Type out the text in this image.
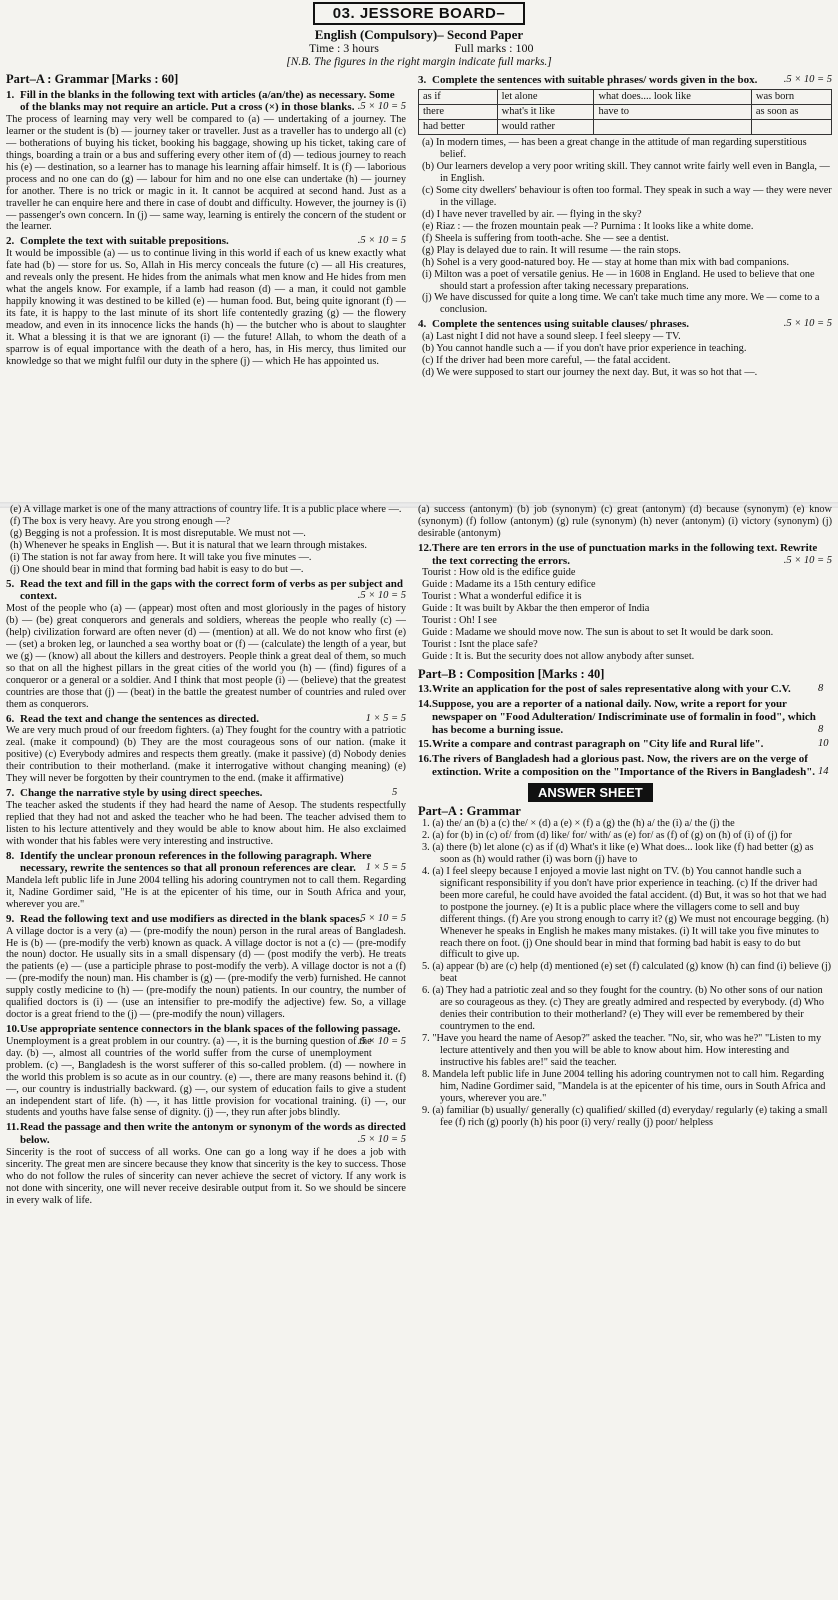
03. JESSORE BOARD–
English (Compulsory)– Second Paper
Time : 3 hours	Full marks : 100
[N.B. The figures in the right margin indicate full marks.]
Part–A : Grammar [Marks : 60]
1. Fill in the blanks in the following text with articles (a/an/the) as necessary. Some of the blanks may not require an article. Put a cross (×) in those blanks. .5 × 10 = 5
The process of learning may very well be compared to (a) — undertaking of a journey. The learner or the student is (b) — journey taker or traveller. Just as a traveller has to undergo all (c) — botherations of buying his ticket, booking his baggage, showing up his ticket, taking care of things, boarding a train or a bus and suffering every other item of (d) — tedious journey to reach his (e) — destination, so a learner has to manage his learning affair himself. It is (f) — laborious process and no one can do (g) — labour for him and no one else can undertake (h) — journey for another. There is no trick or magic in it. It cannot be acquired at second hand. Just as a traveller he can enquire here and there in case of doubt and difficulty. However, the journey is (i) — passenger's own concern. In (j) — same way, learning is entirely the concern of the student or the learner.
2. Complete the text with suitable prepositions.	.5 × 10 = 5
It would be impossible (a) — us to continue living in this world if each of us knew exactly what fate had (b) — store for us. So, Allah in His mercy conceals the future (c) — all His creatures, and reveals only the present. He hides from the animals what men know and He hides from men what the angels know. For example, if a lamb had reason (d) — a man, it could not gamble happily knowing it was destined to be killed (e) — human food. But, being quite ignorant (f) — its fate, it is happy to the last minute of its short life contentedly grazing (g) — the flowery meadow, and even in its innocence licks the hands (h) — the butcher who is about to slaughter it. What a blessing it is that we are ignorant (i) — the future! Allah, to whom the death of a sparrow is of equal importance with the death of a hero, has, in His mercy, thus limited our knowledge so that we might fulfil our duty in the sphere (j) — which He has appointed us.
3. Complete the sentences with suitable phrases/ words given in the box.	.5 × 10 = 5
as if	let alone	what does.... look like	was born
there	what's it like	have to	as soon as
had better	would rather		
(a) In modern times, — has been a great change in the attitude of man regarding superstitious belief.
(b) Our learners develop a very poor writing skill. They cannot write fairly well even in Bangla, — in English.
(c) Some city dwellers' behaviour is often too formal. They speak in such a way — they were never in the village.
(d) I have never travelled by air. — flying in the sky?
(e) Riaz : — the frozen mountain peak —? Purnima : It looks like a white dome.
(f) Sheela is suffering from tooth-ache. She — see a dentist.
(g) Play is delayed due to rain. It will resume — the rain stops.
(h) Sohel is a very good-natured boy. He — stay at home than mix with bad companions.
(i) Milton was a poet of versatile genius. He — in 1608 in England. He used to believe that one should start a profession after taking necessary preparations.
(j) We have discussed for quite a long time. We can't take much time any more. We — come to a conclusion.
4. Complete the sentences using suitable clauses/ phrases.	.5 × 10 = 5
(a) Last night I did not have a sound sleep. I feel sleepy — TV.
(b) You cannot handle such a — if you don't have prior experience in teaching.
(c) If the driver had been more careful, — the fatal accident.
(d) We were supposed to start our journey the next day. But, it was so hot that —.
(e) A village market is one of the many attractions of country life. It is a public place where —.
(f) The box is very heavy. Are you strong enough —?
(g) Begging is not a profession. It is most disreputable. We must not —.
(h) Whenever he speaks in English —. But it is natural that we learn through mistakes.
(i) The station is not far away from here. It will take you five minutes —.
(j) One should bear in mind that forming bad habit is easy to do but —.
5. Read the text and fill in the gaps with the correct form of verbs as per subject and context.	.5 × 10 = 5
Most of the people who (a) — (appear) most often and most gloriously in the pages of history (b) — (be) great conquerors and generals and soldiers, whereas the people who really (c) — (help) civilization forward are often never (d) — (mention) at all. We do not know who first (e) — (set) a broken leg, or launched a sea worthy boat or (f) — (calculate) the length of a year, but we (g) — (know) all about the killers and destroyers. People think a great deal of them, so much so that on all the highest pillars in the great cities of the world you (h) — (find) figures of a conqueror or a general or a soldier. And I think that most people (i) — (believe) that the greatest countries are those that (j) — (beat) in the battle the greatest number of countries and ruled over them as conquerors.
6. Read the text and change the sentences as directed.	1 × 5 = 5
We are very much proud of our freedom fighters. (a) They fought for the country with a patriotic zeal. (make it compound) (b) They are the most courageous sons of our nation. (make it positive) (c) Everybody admires and respects them greatly. (make it passive) (d) Nobody denies their contribution to their motherland. (make it interrogative without changing meaning) (e) They will never be forgotten by their countrymen to the end. (make it affirmative)
7. Change the narrative style by using direct speeches.	5
The teacher asked the students if they had heard the name of Aesop. The students respectfully replied that they had not and asked the teacher who he had been. The teacher advised them to listen to his lecture attentively and they would be able to know about him. He also exclaimed with wonder that his fables were very interesting and instructive.
8. Identify the unclear pronoun references in the following paragraph. Where necessary, rewrite the sentences so that all pronoun references are clear. 1 × 5 = 5
Mandela left public life in June 2004 telling his adoring countrymen not to call them. Regarding it, Nadine Gordimer said, "He is at the epicenter of his time, our in South Africa and your, wherever you are."
9. Read the following text and use modifiers as directed in the blank spaces.
.5 × 10 = 5
A village doctor is a very (a) — (pre-modify the noun) person in the rural areas of Bangladesh. He is (b) — (pre-modify the verb) known as quack. A village doctor is not a (c) — (pre-modify the noun) doctor. He usually sits in a small dispensary (d) — (post modify the verb). He treats the patients (e) — (use a participle phrase to post-modify the verb). A village doctor is not a (f) — (pre-modify the noun) man. His chamber is (g) — (pre-modify the verb) furnished. He cannot supply costly medicine to (h) — (pre-modify the noun) patients. In our country, the number of qualified doctors is (i) — (use an intensifier to pre-modify the adjective) few. So, a village doctor is a great friend to the (j) — (pre-modify the noun) villagers.
10.Use appropriate sentence connectors in the blank spaces of the following passage.
.5 × 10 = 5
Unemployment is a great problem in our country. (a) —, it is the burning question of the day. (b) —, almost all countries of the world suffer from the curse of unemployment problem. (c) —, Bangladesh is the worst sufferer of this so-called problem. (d) — nowhere in the world this problem is so acute as in our country. (e) —, there are many reasons behind it. (f) —, our country is industrially backward. (g) —, our system of education fails to give a student an independent start of life. (h) —, it has little provision for vocational training. (i) —, our students and youths have false sense of dignity. (j) —, they run after jobs blindly.
11.Read the passage and then write the antonym or synonym of the words as directed below.	.5 × 10 = 5
Sincerity is the root of success of all works. One can go a long way if he does a job with sincerity. The great men are sincere because they know that sincerity is the key to success. Those who do not follow the rules of sincerity can never achieve the secret of victory. If any work is not done with sincerity, one will never receive desirable output from it. So we should be sincere in every walk of life.
(a) success (antonym) (b) job (synonym) (c) great (antonym) (d) because (synonym) (e) know (synonym) (f) follow (antonym) (g) rule (synonym) (h) never (antonym) (i) victory (synonym) (j) desirable (antonym)
12.There are ten errors in the use of punctuation marks in the following text. Rewrite the text correcting the errors.	.5 × 10 = 5
Tourist : How old is the edifice guide
Guide : Madame its a 15th century edifice
Tourist : What a wonderful edifice it is
Guide : It was built by Akbar the then emperor of India
Tourist : Oh! I see
Guide : Madame we should move now. The sun is about to set It would be dark soon.
Tourist : Isnt the place safe?
Guide : It is. But the security does not allow anybody after sunset.
Part–B : Composition [Marks : 40]
13.Write an application for the post of sales representative along with your C.V.	8
14.Suppose, you are a reporter of a national daily. Now, write a report for your newspaper on "Food Adulteration/ Indiscriminate use of formalin in food", which has become a burning issue.	8
15.Write a compare and contrast paragraph on "City life and Rural life".	10
16.The rivers of Bangladesh had a glorious past. Now, the rivers are on the verge of extinction. Write a composition on the "Importance of the Rivers in Bangladesh". 14
ANSWER SHEET
Part–A : Grammar
1. (a) the/ an (b) a (c) the/ × (d) a (e) × (f) a (g) the (h) a/ the (i) a/ the (j) the
2. (a) for (b) in (c) of/ from (d) like/ for/ with/ as (e) for/ as (f) of (g) on (h) of (i) of (j) for
3. (a) there (b) let alone (c) as if (d) What's it like (e) What does... look like (f) had better (g) as soon as (h) would rather (i) was born (j) have to
4. (a) I feel sleepy because I enjoyed a movie last night on TV. (b) You cannot handle such a significant responsibility if you don't have prior experience in teaching. (c) If the driver had been more careful, he could have avoided the fatal accident. (d) But, it was so hot that we had to postpone the journey. (e) It is a public place where the villagers come to sell and buy different things. (f) Are you strong enough to carry it? (g) We must not encourage begging. (h) Whenever he speaks in English he makes many mistakes. (i) It will take you five minutes to reach there on foot. (j) One should bear in mind that forming bad habit is easy to do but difficult to give up.
5. (a) appear (b) are (c) help (d) mentioned (e) set (f) calculated (g) know (h) can find (i) believe (j) beat
6. (a) They had a patriotic zeal and so they fought for the country. (b) No other sons of our nation are so courageous as they. (c) They are greatly admired and respected by everybody. (d) Who denies their contribution to their motherland? (e) They will ever be remembered by their countrymen to the end.
7. "Have you heard the name of Aesop?" asked the teacher. "No, sir, who was he?" "Listen to my lecture attentively and then you will be able to know about him. How interesting and instructive his fables are!" said the teacher.
8. Mandela left public life in June 2004 telling his adoring countrymen not to call him. Regarding him, Nadine Gordimer said, "Mandela is at the epicenter of his time, ours in South Africa and yours, wherever you are."
9. (a) familiar (b) usually/ generally (c) qualified/ skilled (d) everyday/ regularly (e) taking a small fee (f) rich (g) poorly (h) his poor (i) very/ really (j) poor/ helpless
